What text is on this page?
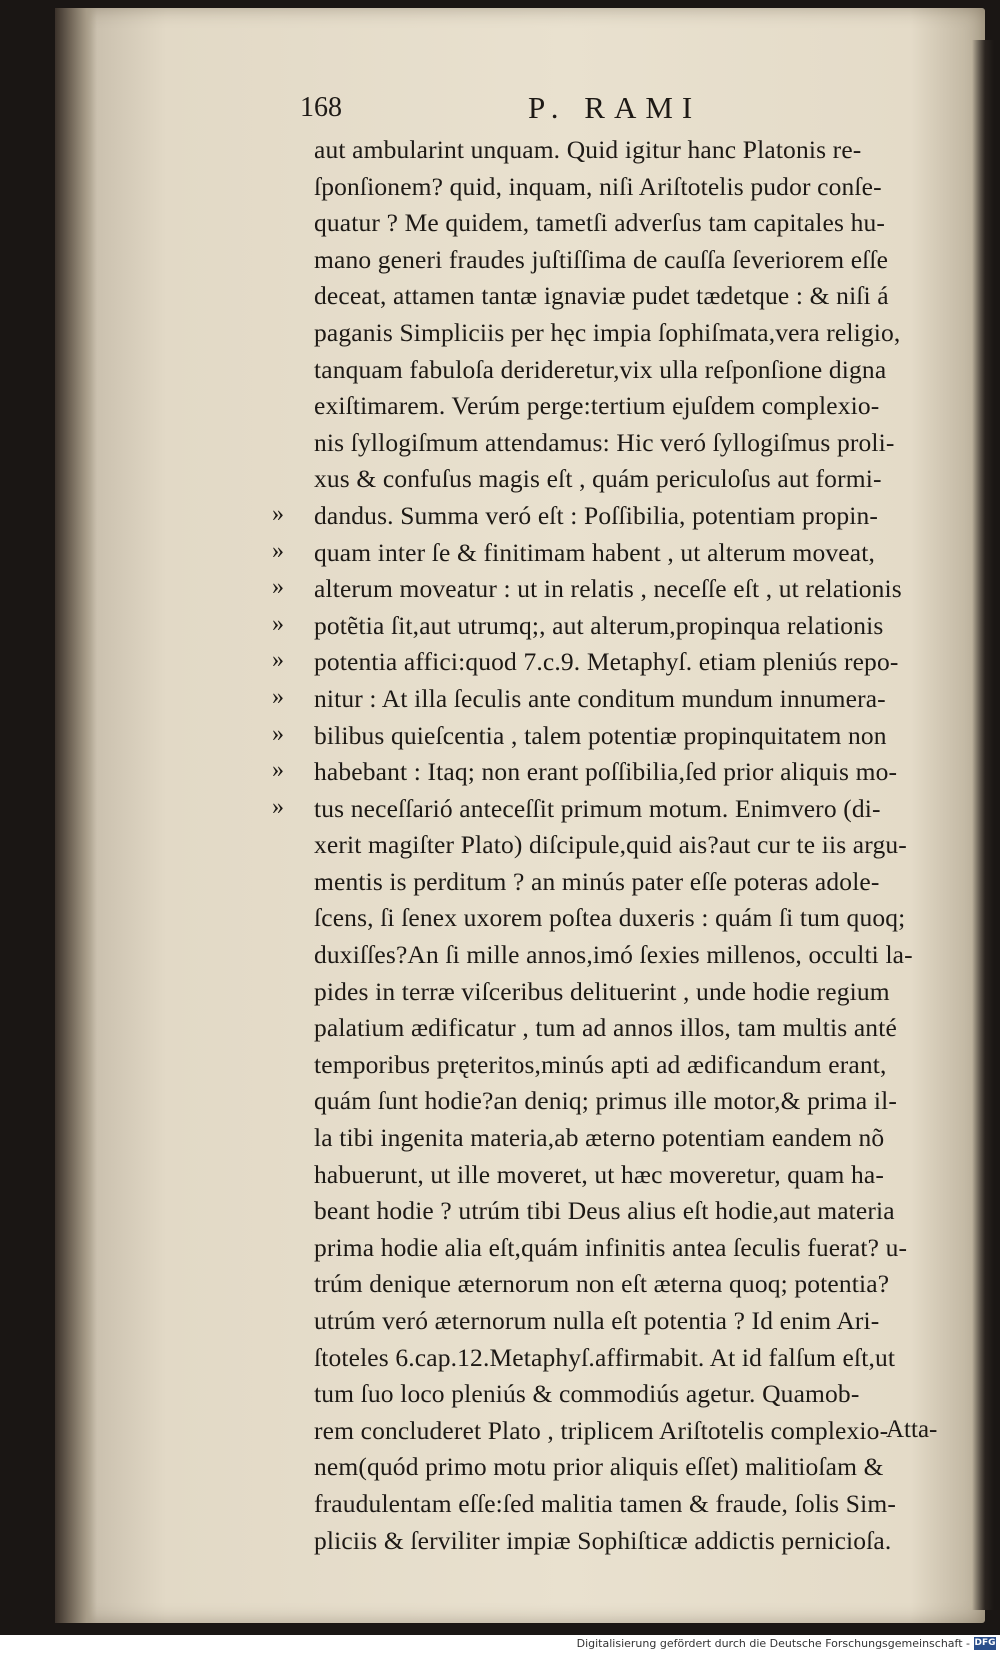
168	P. RAMI
aut ambularint unquam. Quid igitur hanc Platonis re-
ſponſionem? quid, inquam, niſi Ariſtotelis pudor conſe-
quatur ? Me quidem, tametſi adverſus tam capitales hu-
mano generi fraudes juſtiſſima de cauſſa ſeveriorem eſſe
deceat, attamen tantæ ignaviæ pudet tædetque : & niſi á
paganis Simpliciis per hęc impia ſophiſmata,vera religio,
tanquam fabuloſa derideretur,vix ulla reſponſione digna
exiſtimarem. Verúm perge:tertium ejuſdem complexio-
nis ſyllogiſmum attendamus: Hic veró ſyllogiſmus proli-
xus & confuſus magis eſt , quám periculoſus aut formi-
»	dandus. Summa veró eſt : Poſſibilia, potentiam propin-
»	quam inter ſe & finitimam habent , ut alterum moveat,
»	alterum moveatur : ut in relatis , neceſſe eſt , ut relationis
»	potẽtia ſit,aut utrumq;, aut alterum,propinqua relationis
»	potentia affici:quod 7.c.9. Metaphyſ. etiam pleniús repo-
»	nitur : At illa ſeculis ante conditum mundum innumera-
»	bilibus quieſcentia , talem potentiæ propinquitatem non
»	habebant : Itaq; non erant poſſibilia,ſed prior aliquis mo-
»	tus neceſſarió anteceſſit primum motum. Enimvero (di-
xerit magiſter Plato) diſcipule,quid ais?aut cur te iis argu-
mentis is perditum ? an minús pater eſſe poteras adole-
ſcens, ſi ſenex uxorem poſtea duxeris : quám ſi tum quoq;
duxiſſes?An ſi mille annos,imó ſexies millenos, occulti la-
pides in terræ viſceribus delituerint , unde hodie regium
palatium ædificatur , tum ad annos illos, tam multis anté
temporibus pręteritos,minús apti ad ædificandum erant,
quám ſunt hodie?an deniq; primus ille motor,& prima il-
la tibi ingenita materia,ab æterno potentiam eandem nõ
habuerunt, ut ille moveret, ut hæc moveretur, quam ha-
beant hodie ? utrúm tibi Deus alius eſt hodie,aut materia
prima hodie alia eſt,quám infinitis antea ſeculis fuerat? u-
trúm denique æternorum non eſt æterna quoq; potentia?
utrúm veró æternorum nulla eſt potentia ? Id enim Ari-
ſtoteles 6.cap.12.Metaphyſ.affirmabit. At id falſum eſt,ut
tum ſuo loco pleniús & commodiús agetur. Quamob-
rem concluderet Plato , triplicem Ariſtotelis complexio-
nem(quód primo motu prior aliquis eſſet) malitioſam &
fraudulentam eſſe:ſed malitia tamen & fraude, ſolis Sim-
pliciis & ſerviliter impiæ Sophiſticæ addictis pernicioſa.
Atta-
Digitalisierung gefördert durch die Deutsche Forschungsgemeinschaft - DFG
